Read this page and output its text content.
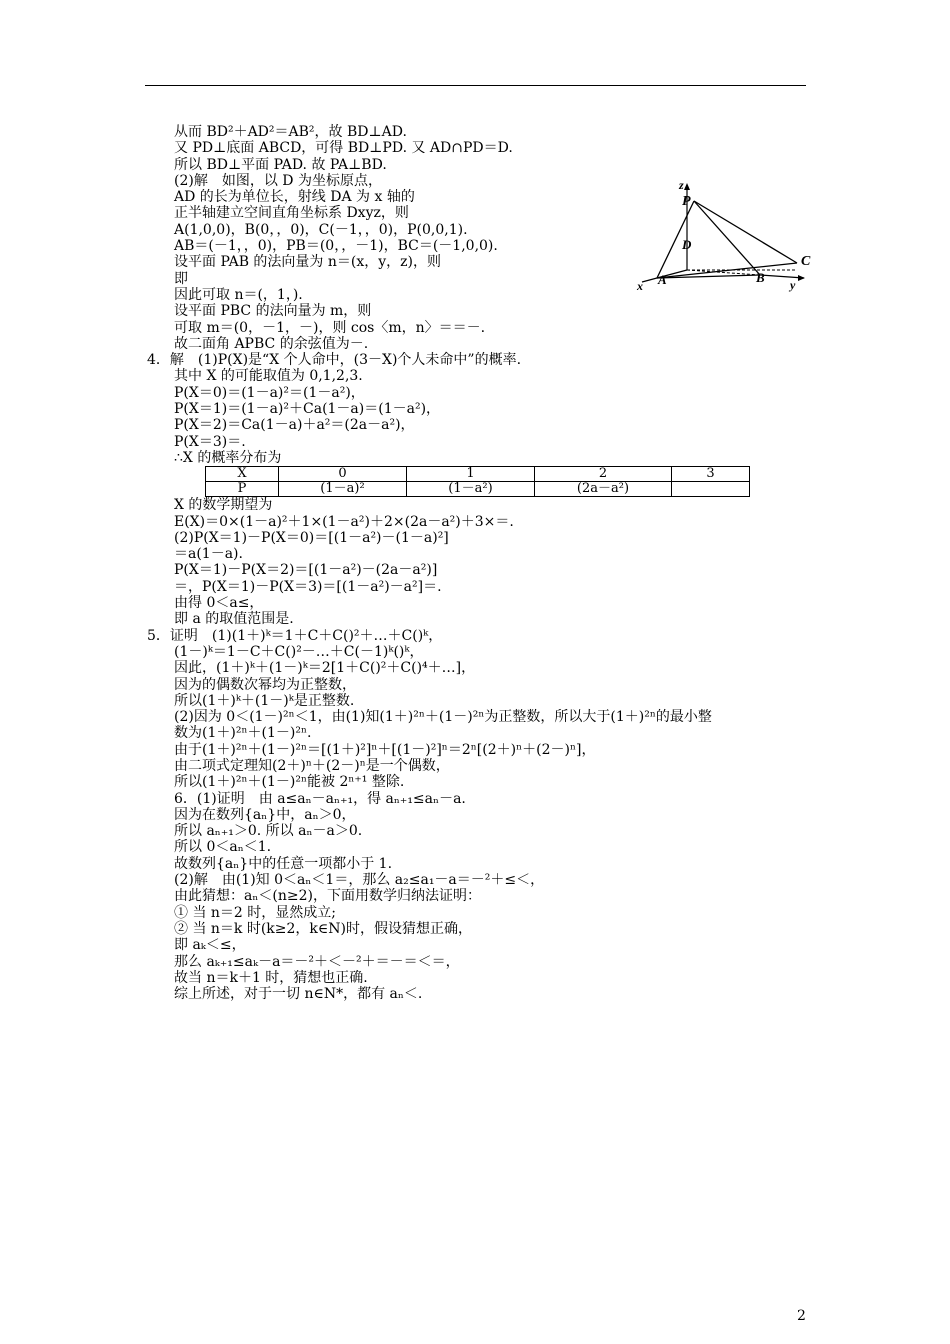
从而 BD²＋AD²＝AB²，故 BD⊥AD.
又 PD⊥底面 ABCD，可得 BD⊥PD. 又 AD∩PD＝D.
所以 BD⊥平面 PAD. 故 PA⊥BD.
(2)解　如图，以 D 为坐标原点，
AD 的长为单位长，射线 DA 为 x 轴的
正半轴建立空间直角坐标系 Dxyz，则
A(1,0,0)，B(0，，0)，C(－1，，0)，P(0,0,1).
AB＝(－1，，0)，PB＝(0，，－1)，BC＝(－1,0,0).
设平面 PAB 的法向量为 n＝(x，y，z)，则
即
因此可取 n＝(，1，).
设平面 PBC 的法向量为 m，则
可取 m＝(0，－1，－)，则 cos〈m，n〉＝＝－.
故二面角 APBC 的余弦值为－.
4．解　(1)P(X)是“X 个人命中，(3－X)个人未命中”的概率.
其中 X 的可能取值为 0,1,2,3.
P(X＝0)＝(1－a)²＝(1－a²)，
P(X＝1)＝(1－a)²＋Ca(1－a)＝(1－a²)，
P(X＝2)＝Ca(1－a)＋a²＝(2a－a²)，
P(X＝3)＝.
∴X 的概率分布为
X	0	1	2	3
P	(1－a)²	(1－a²)	(2a－a²)	
X 的数学期望为
E(X)＝0×(1－a)²＋1×(1－a²)＋2×(2a－a²)＋3×＝.
(2)P(X＝1)－P(X＝0)＝[(1－a²)－(1－a)²]
＝a(1－a).
P(X＝1)－P(X＝2)＝[(1－a²)－(2a－a²)]
＝，P(X＝1)－P(X＝3)＝[(1－a²)－a²]＝.
由得 0＜a≤，
即 a 的取值范围是.
5．证明　(1)(1＋)ᵏ＝1＋C＋C()²＋…＋C()ᵏ，
(1－)ᵏ＝1－C＋C()²－…＋C(－1)ᵏ()ᵏ，
因此，(1＋)ᵏ＋(1－)ᵏ＝2[1＋C()²＋C()⁴＋…]，
因为的偶数次幂均为正整数，
所以(1＋)ᵏ＋(1－)ᵏ是正整数.
(2)因为 0＜(1－)²ⁿ＜1，由(1)知(1＋)²ⁿ＋(1－)²ⁿ为正整数，所以大于(1＋)²ⁿ的最小整
数为(1＋)²ⁿ＋(1－)²ⁿ.
由于(1＋)²ⁿ＋(1－)²ⁿ＝[(1＋)²]ⁿ＋[(1－)²]ⁿ＝2ⁿ[(2＋)ⁿ＋(2－)ⁿ]，
由二项式定理知(2＋)ⁿ＋(2－)ⁿ是一个偶数，
所以(1＋)²ⁿ＋(1－)²ⁿ能被 2ⁿ⁺¹ 整除.
6．(1)证明　由 a≤aₙ－aₙ₊₁，得 aₙ₊₁≤aₙ－a.
因为在数列{aₙ}中，aₙ＞0，
所以 aₙ₊₁＞0. 所以 aₙ－a＞0.
所以 0＜aₙ＜1.
故数列{aₙ}中的任意一项都小于 1.
(2)解　由(1)知 0＜aₙ＜1＝，那么 a₂≤a₁－a＝－²＋≤＜，
由此猜想：aₙ＜(n≥2)，下面用数学归纳法证明：
① 当 n＝2 时，显然成立;
② 当 n＝k 时(k≥2，k∈N)时，假设猜想正确，
即 aₖ＜≤，
那么 aₖ₊₁≤aₖ－a＝－²＋＜－²＋＝－＝＜＝，
故当 n＝k＋1 时，猜想也正确.
综上所述，对于一切 n∈N*，都有 aₙ＜.
z
P
D
C
A	B
x	y
2
